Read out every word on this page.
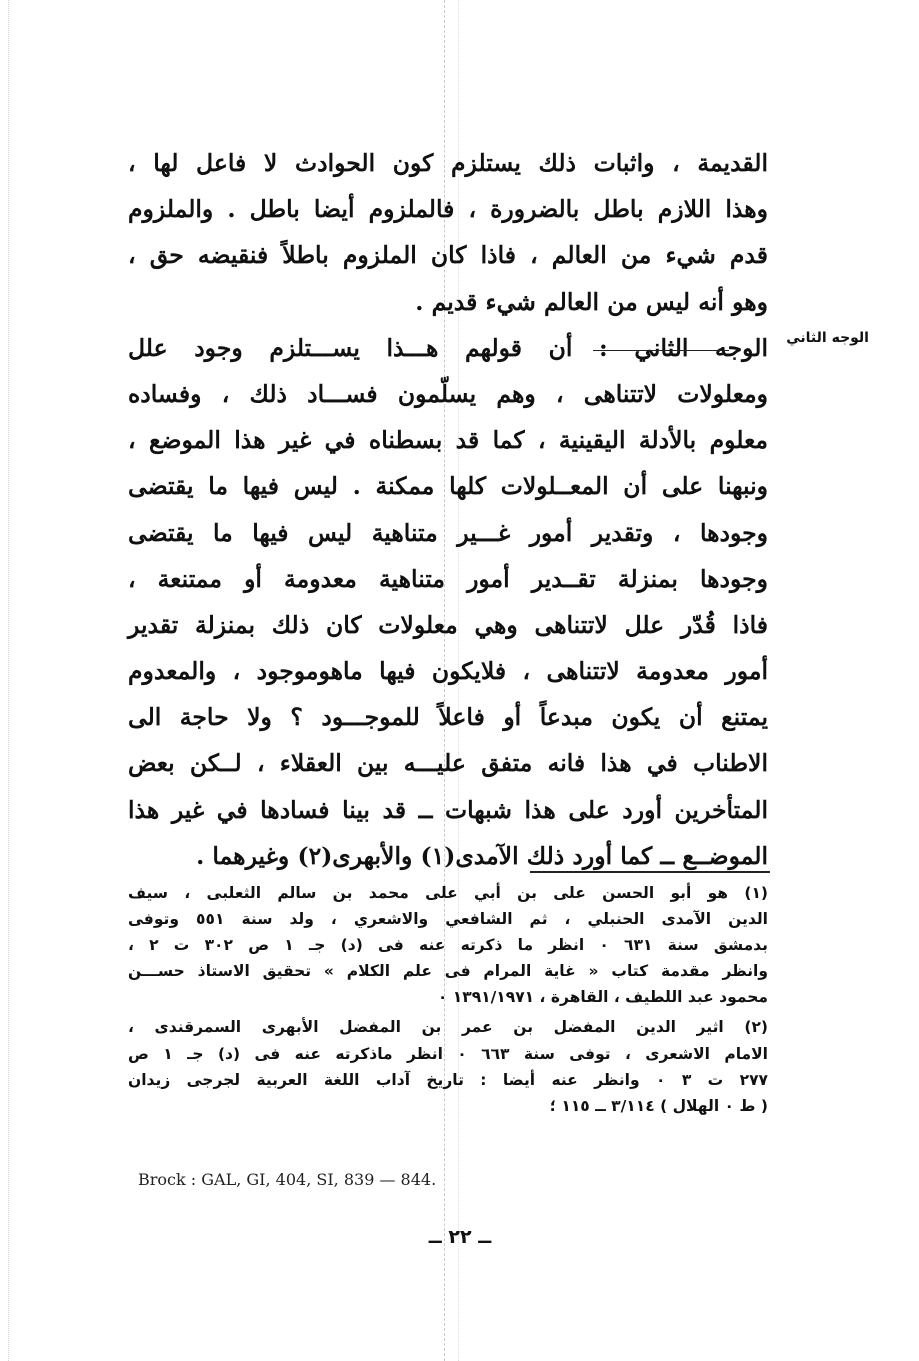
الوجه الثاني
القديمة ، واثبات ذلك يستلزم كون الحوادث لا فاعل لها ،
وهذا اللازم باطل بالضرورة ، فالملزوم أيضا باطل . والملزوم
قدم شيء من العالم ، فاذا كان الملزوم باطلاً فنقيضه حق ،
وهو أنه ليس من العالم شيء قديم .
الوجه الثاني : أن قولهم هـــذا يســـتلزم وجود علل
ومعلولات لاتتناهى ، وهم يسلّمون فســـاد ذلك ، وفساده
معلوم بالأدلة اليقينية ، كما قد بسطناه في غير هذا الموضع ،
ونبهنا على أن المعــلولات كلها ممكنة . ليس فيها ما يقتضى
وجودها ، وتقدير أمور غـــير متناهية ليس فيها ما يقتضى
وجودها بمنزلة تقــدير أمور متناهية معدومة أو ممتنعة ،
فاذا قُدّر علل لاتتناهى وهي معلولات كان ذلك بمنزلة تقدير
أمور معدومة لاتتناهى ، فلايكون فيها ماهوموجود ، والمعدوم
يمتنع أن يكون مبدعاً أو فاعلاً للموجـــود ؟ ولا حاجة الى
الاطناب في هذا فانه متفق عليـــه بين العقلاء ، لــكن بعض
المتأخرين أورد على هذا شبهات ــ قد بينا فسادها في غير هذا
الموضــع ــ كما أورد ذلك الآمدى(١) والأبهرى(٢) وغيرهما .
(١) هو أبو الحسن على بن أبي على محمد بن سالم الثعلبى ، سيف
الدين الآمدى الحنبلي ، ثم الشافعي والاشعري ، ولد سنة ٥٥١ وتوفى
بدمشق سنة ٦٣١ ٠ انظر ما ذكرته عنه فى (د) جـ ١ ص ٣٠٢ ت ٢ ،
وانظر مقدمة كتاب « غاية المرام فى علم الكلام » تحقيق الاستاذ حســـن
محمود عبد اللطيف ، القاهرة ، ١٣٩١/١٩٧١ ٠
(٢) اثير الدين المفضل بن عمر بن المفضل الأبهرى السمرقندى ،
الامام الاشعرى ، توفى سنة ٦٦٣ ٠ انظر ماذكرته عنه فى (د) جـ ١ ص
٢٧٧ ت ٣ ٠ وانظر عنه أيضا : تاريخ آداب اللغة العربية لجرجى زيدان
( ط ٠ الهلال ) ٣/١١٤ ــ ١١٥ ؛
Brock : GAL, GI, 404, SI, 839 — 844.
ــ ٢٢ ــ
